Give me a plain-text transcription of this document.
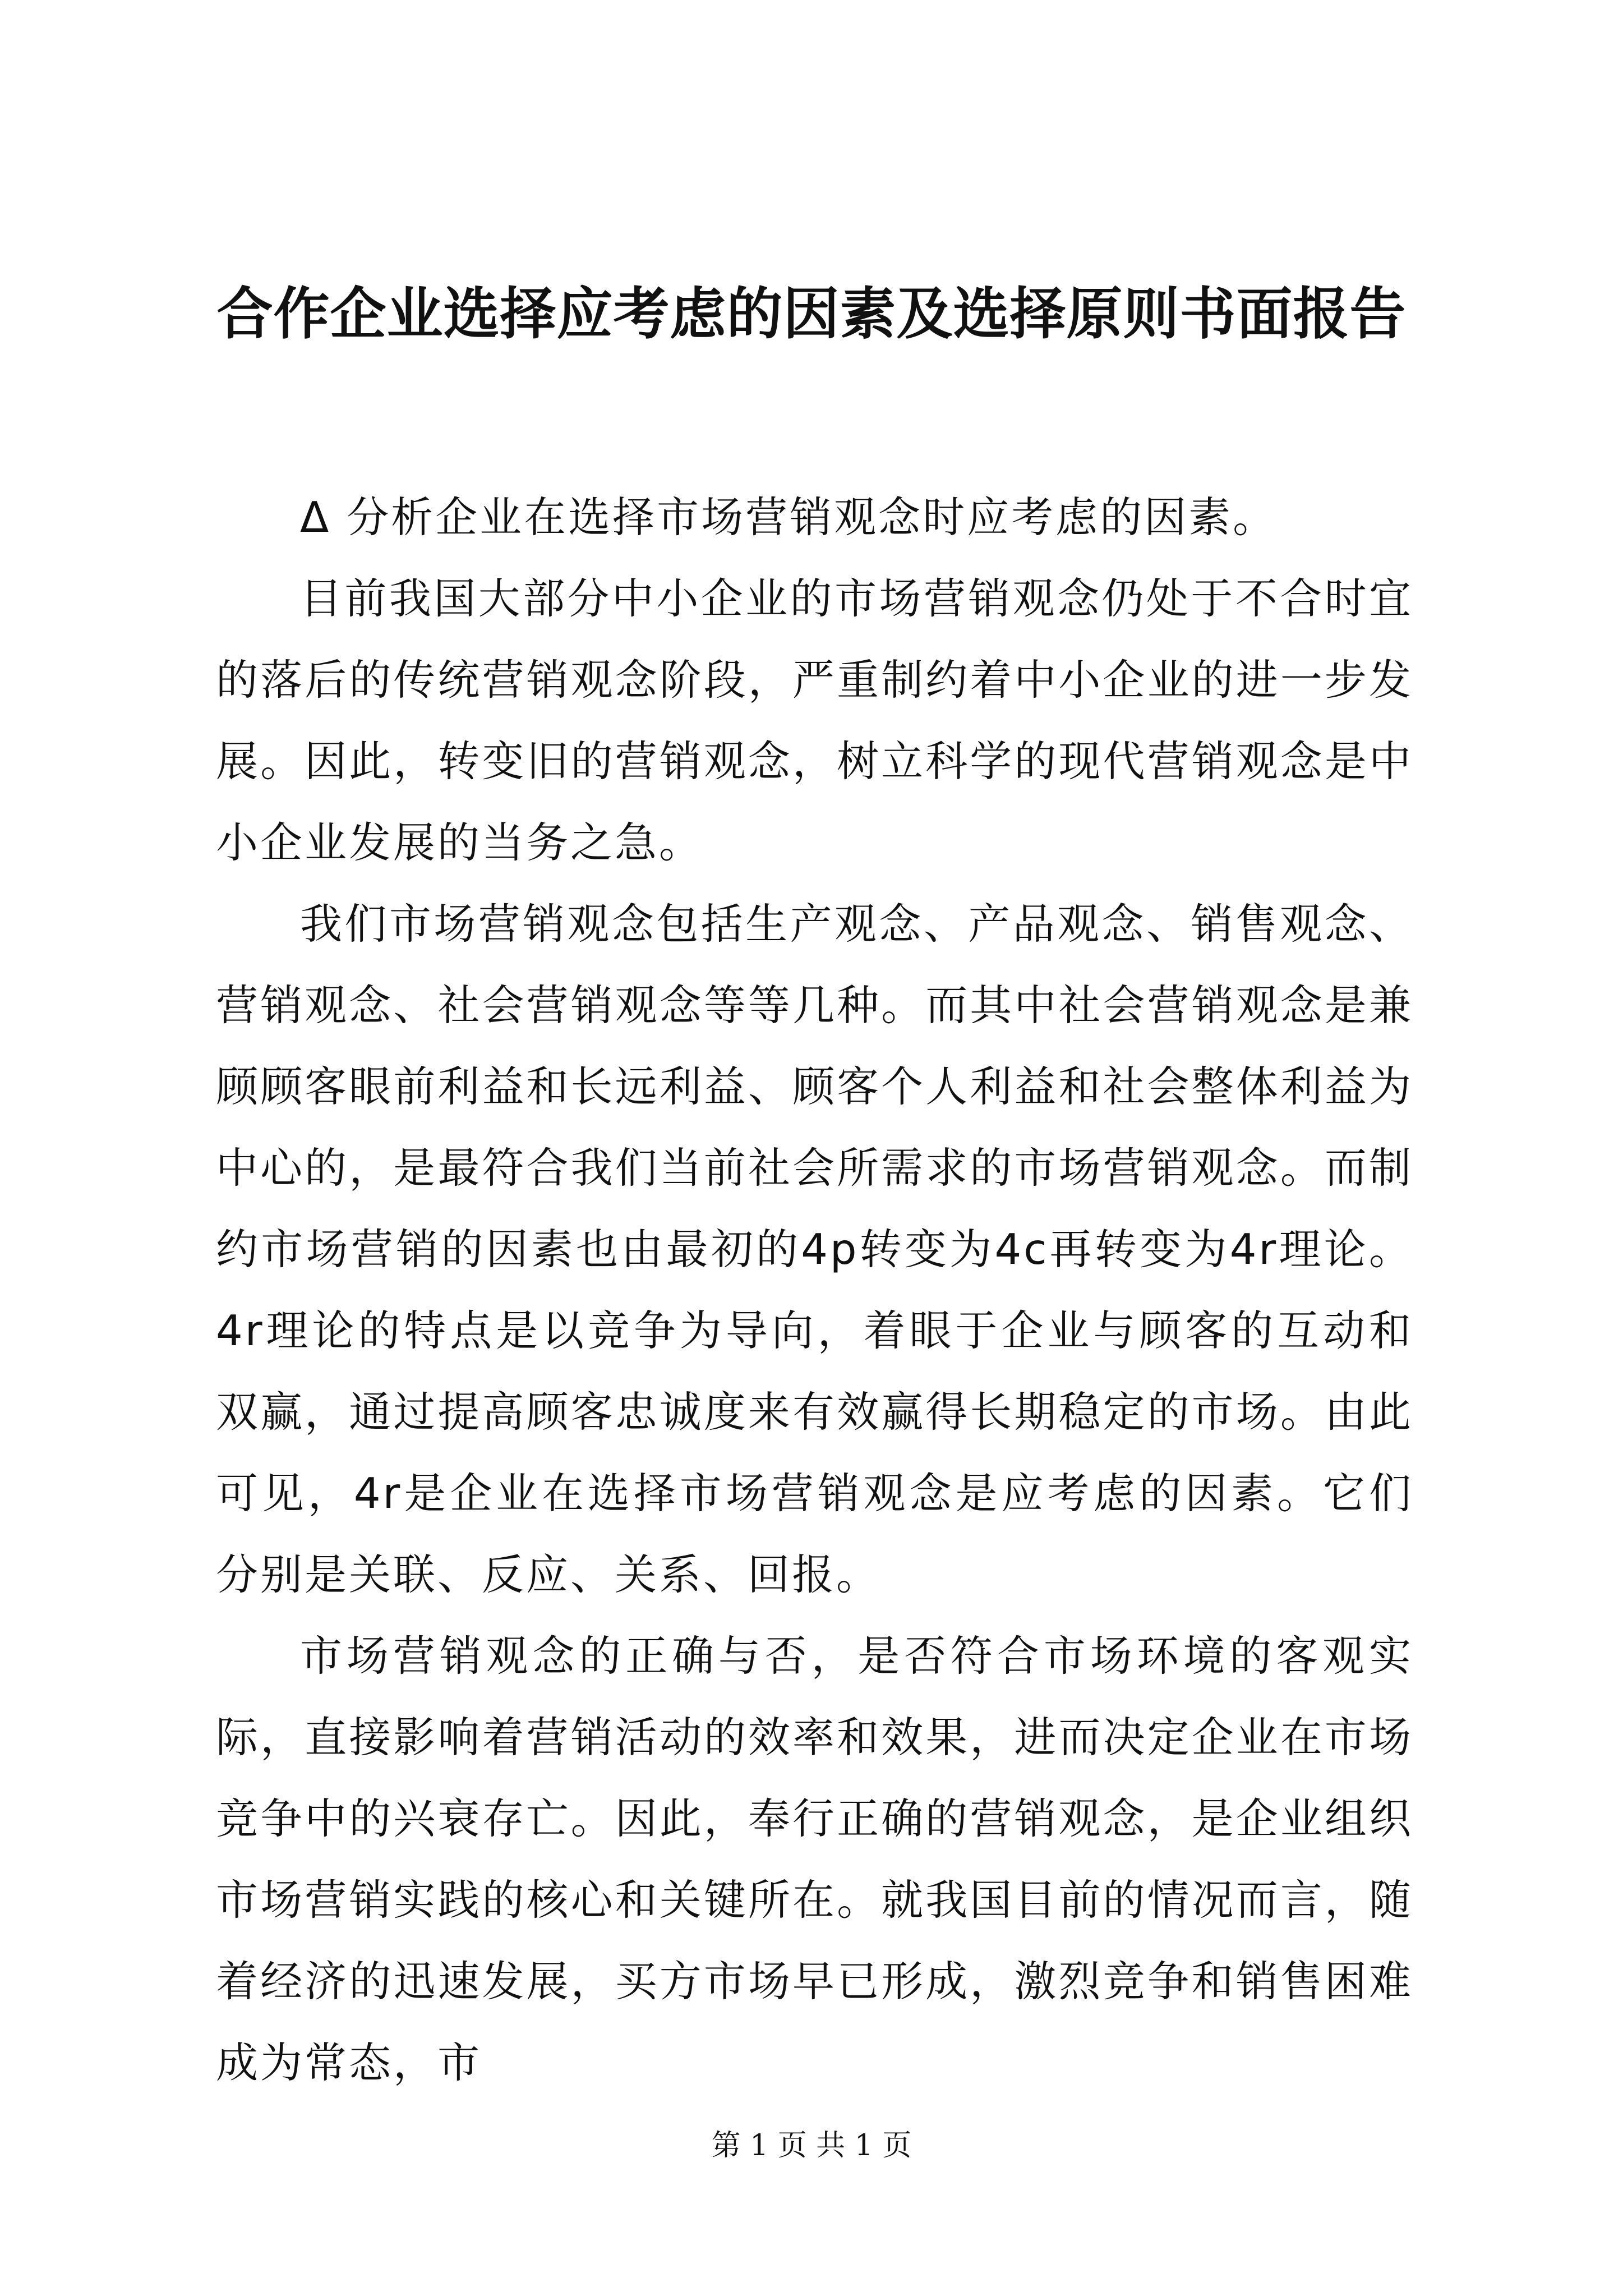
合作企业选择应考虑的因素及选择原则书面报告

Δ 分析企业在选择市场营销观念时应考虑的因素。

目前我国大部分中小企业的市场营销观念仍处于不合时宜的落后的传统营销观念阶段，严重制约着中小企业的进一步发展。因此，转变旧的营销观念，树立科学的现代营销观念是中小企业发展的当务之急。

我们市场营销观念包括生产观念、产品观念、销售观念、营销观念、社会营销观念等等几种。而其中社会营销观念是兼顾顾客眼前利益和长远利益、顾客个人利益和社会整体利益为中心的，是最符合我们当前社会所需求的市场营销观念。而制约市场营销的因素也由最初的4p转变为4c再转变为4r理论。4r理论的特点是以竞争为导向，着眼于企业与顾客的互动和双赢，通过提高顾客忠诚度来有效赢得长期稳定的市场。由此可见，4r是企业在选择市场营销观念是应考虑的因素。它们分别是关联、反应、关系、回报。

市场营销观念的正确与否，是否符合市场环境的客观实际，直接影响着营销活动的效率和效果，进而决定企业在市场竞争中的兴衰存亡。因此，奉行正确的营销观念，是企业组织市场营销实践的核心和关键所在。就我国目前的情况而言，随着经济的迅速发展，买方市场早已形成，激烈竞争和销售困难成为常态，市

第 1 页 共 1 页
